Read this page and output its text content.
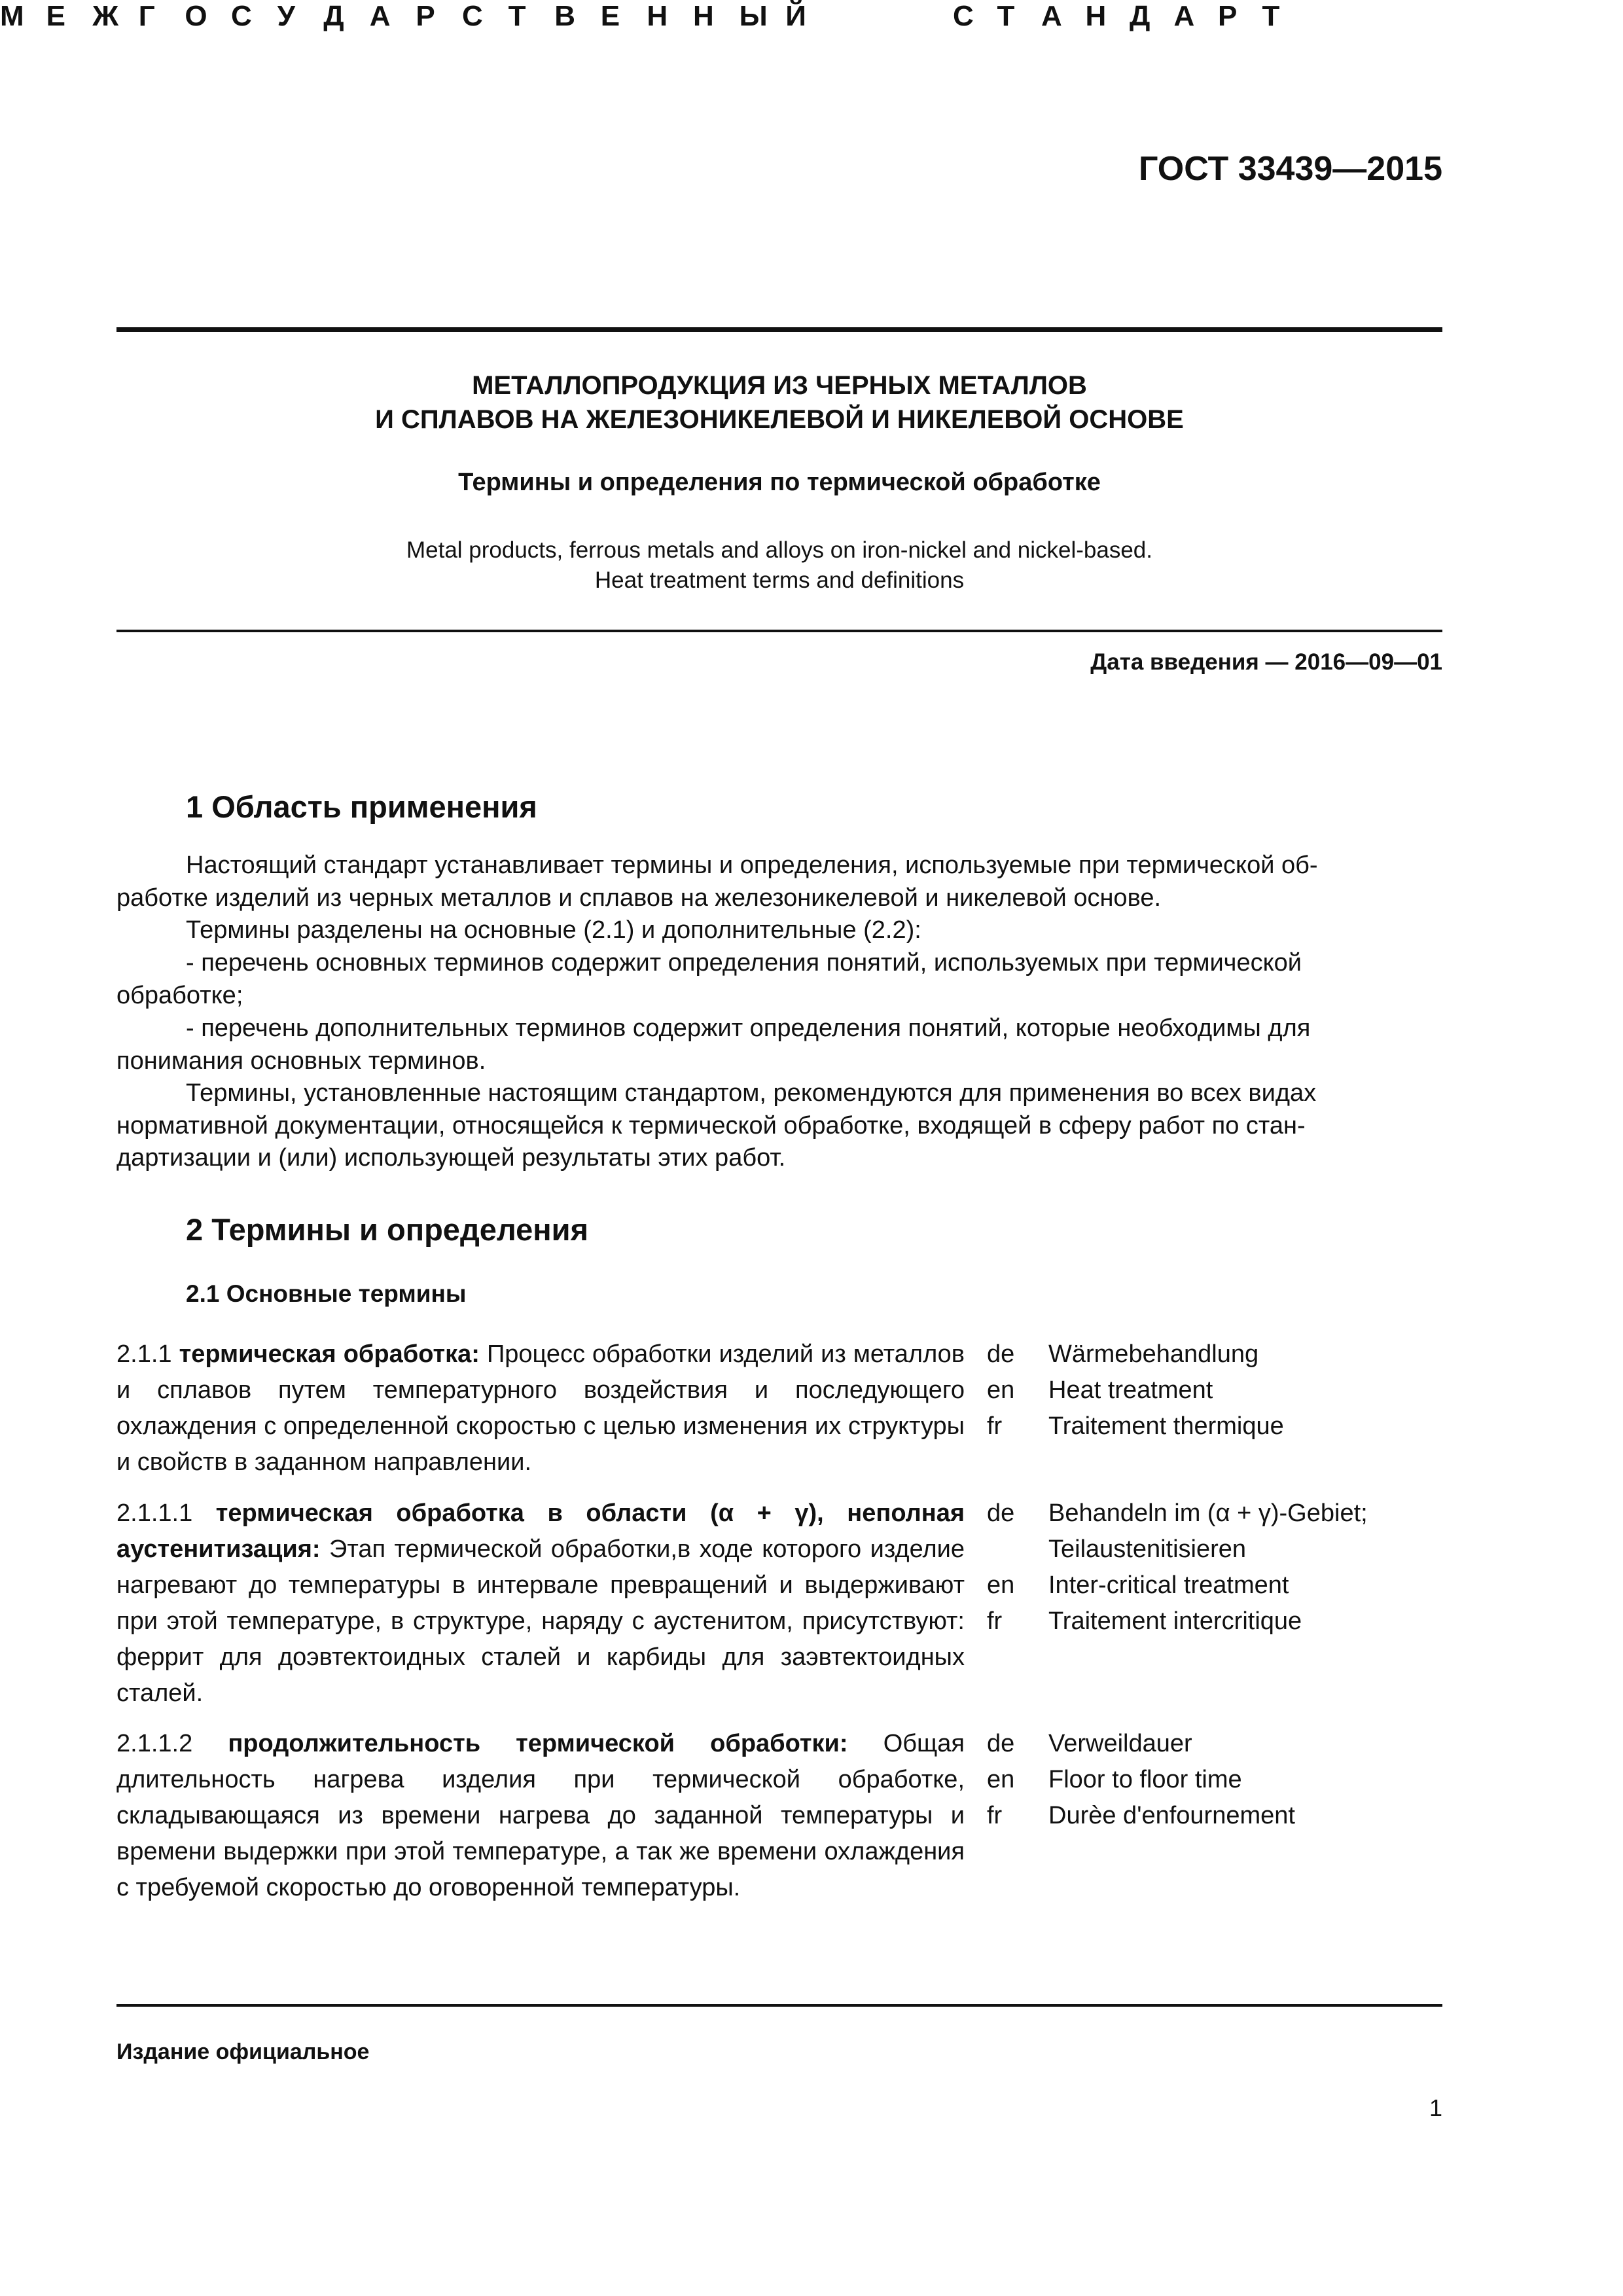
ГОСТ 33439—2015
М Е Ж Г О С У Д А Р С Т В Е Н Н Ы Й	С Т А Н Д А Р Т
МЕТАЛЛОПРОДУКЦИЯ ИЗ ЧЕРНЫХ МЕТАЛЛОВ
И СПЛАВОВ НА ЖЕЛЕЗОНИКЕЛЕВОЙ И НИКЕЛЕВОЙ ОСНОВЕ
Термины и определения по термической обработке
Metal products, ferrous metals and alloys on iron-nickel and nickel-based.
Heat treatment terms and definitions
Дата введения — 2016—09—01
1 Область применения
Настоящий стандарт устанавливает термины и определения, используемые при термической об-
работке изделий из черных металлов и сплавов на железоникелевой и никелевой основе.
Термины разделены на основные (2.1) и дополнительные (2.2):
- перечень основных терминов содержит определения понятий, используемых при термической
обработке;
- перечень дополнительных терминов содержит определения понятий, которые необходимы для
понимания основных терминов.
Термины, установленные настоящим стандартом, рекомендуются для применения во всех видах
нормативной документации, относящейся к термической обработке, входящей в сферу работ по стан-
дартизации и (или) использующей результаты этих работ.
2 Термины и определения
2.1 Основные термины
2.1.1 термическая обработка: Процесс обработки изделий из металлов и сплавов путем температурного воздействия и последующего охлаждения с определенной скоростью с целью изменения их структуры и свойств в заданном направлении.
de
en
fr
Wärmebehandlung
Heat treatment
Traitement thermique
2.1.1.1 термическая обработка в области (α + γ), неполная аустенитизация: Этап термической обработки,в ходе которого изделие нагревают до температуры в интервале превращений и выдерживают при этой температуре, в структуре, наряду с аустенитом, присутствуют: феррит для доэвтектоидных сталей и карбиды для заэвтектоидных сталей.
de
en
fr
Behandeln im (α + γ)-Gebiet;
Teilaustenitisieren
Inter-critical treatment
Traitement intercritique
2.1.1.2 продолжительность термической обработки: Общая длительность нагрева изделия при термической обработке, складывающаяся из времени нагрева до заданной температуры и времени выдержки при этой температуре, а так же времени охлаждения с требуемой скоростью до оговоренной температуры.
de
en
fr
Verweildauer
Floor to floor time
Durèe d'enfournement
Издание официальное
1
